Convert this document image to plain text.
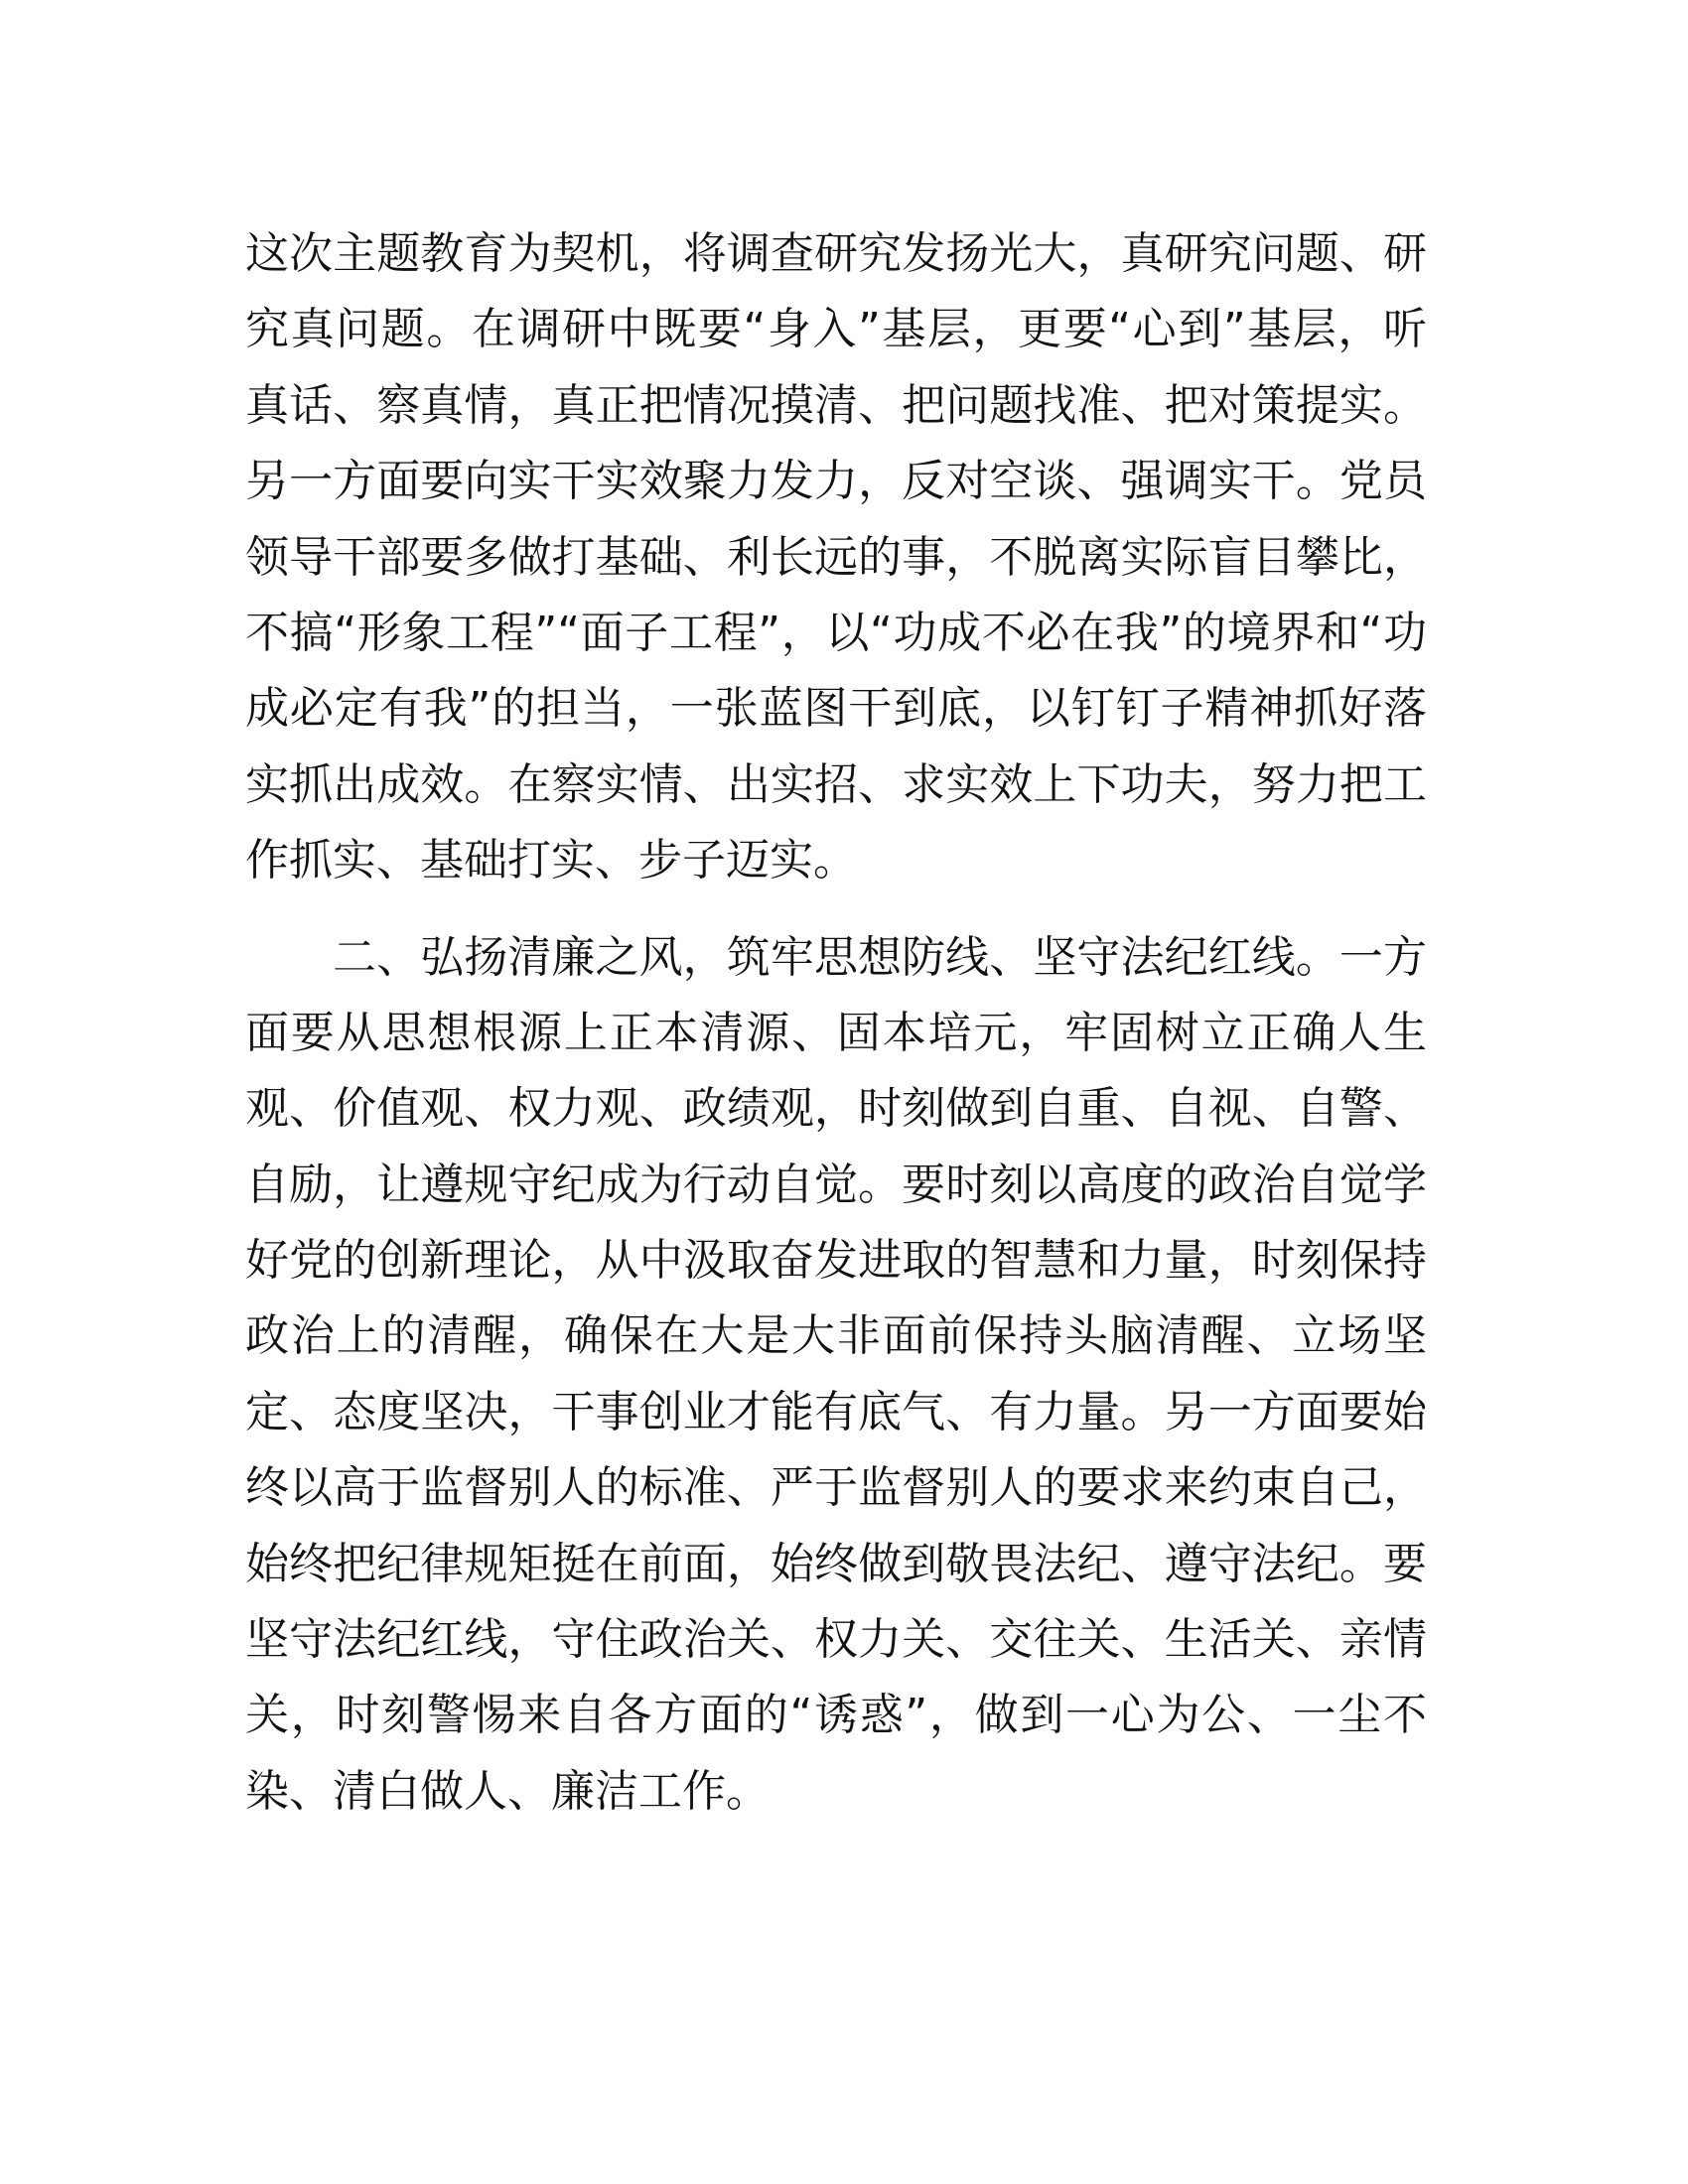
这次主题教育为契机，将调查研究发扬光大，真研究问题、研
究真问题。在调研中既要“身入”基层，更要“心到”基层，听
真话、察真情，真正把情况摸清、把问题找准、把对策提实。
另一方面要向实干实效聚力发力，反对空谈、强调实干。党员
领导干部要多做打基础、利长远的事，不脱离实际盲目攀比，
不搞“形象工程”“面子工程”，以“功成不必在我”的境界和“功
成必定有我”的担当，一张蓝图干到底，以钉钉子精神抓好落
实抓出成效。在察实情、出实招、求实效上下功夫，努力把工
作抓实、基础打实、步子迈实。
二、弘扬清廉之风，筑牢思想防线、坚守法纪红线。一方
面要从思想根源上正本清源、固本培元，牢固树立正确人生
观、价值观、权力观、政绩观，时刻做到自重、自视、自警、
自励，让遵规守纪成为行动自觉。要时刻以高度的政治自觉学
好党的创新理论，从中汲取奋发进取的智慧和力量，时刻保持
政治上的清醒，确保在大是大非面前保持头脑清醒、立场坚
定、态度坚决，干事创业才能有底气、有力量。另一方面要始
终以高于监督别人的标准、严于监督别人的要求来约束自己，
始终把纪律规矩挺在前面，始终做到敬畏法纪、遵守法纪。要
坚守法纪红线，守住政治关、权力关、交往关、生活关、亲情
关，时刻警惕来自各方面的“诱惑”，做到一心为公、一尘不
染、清白做人、廉洁工作。
